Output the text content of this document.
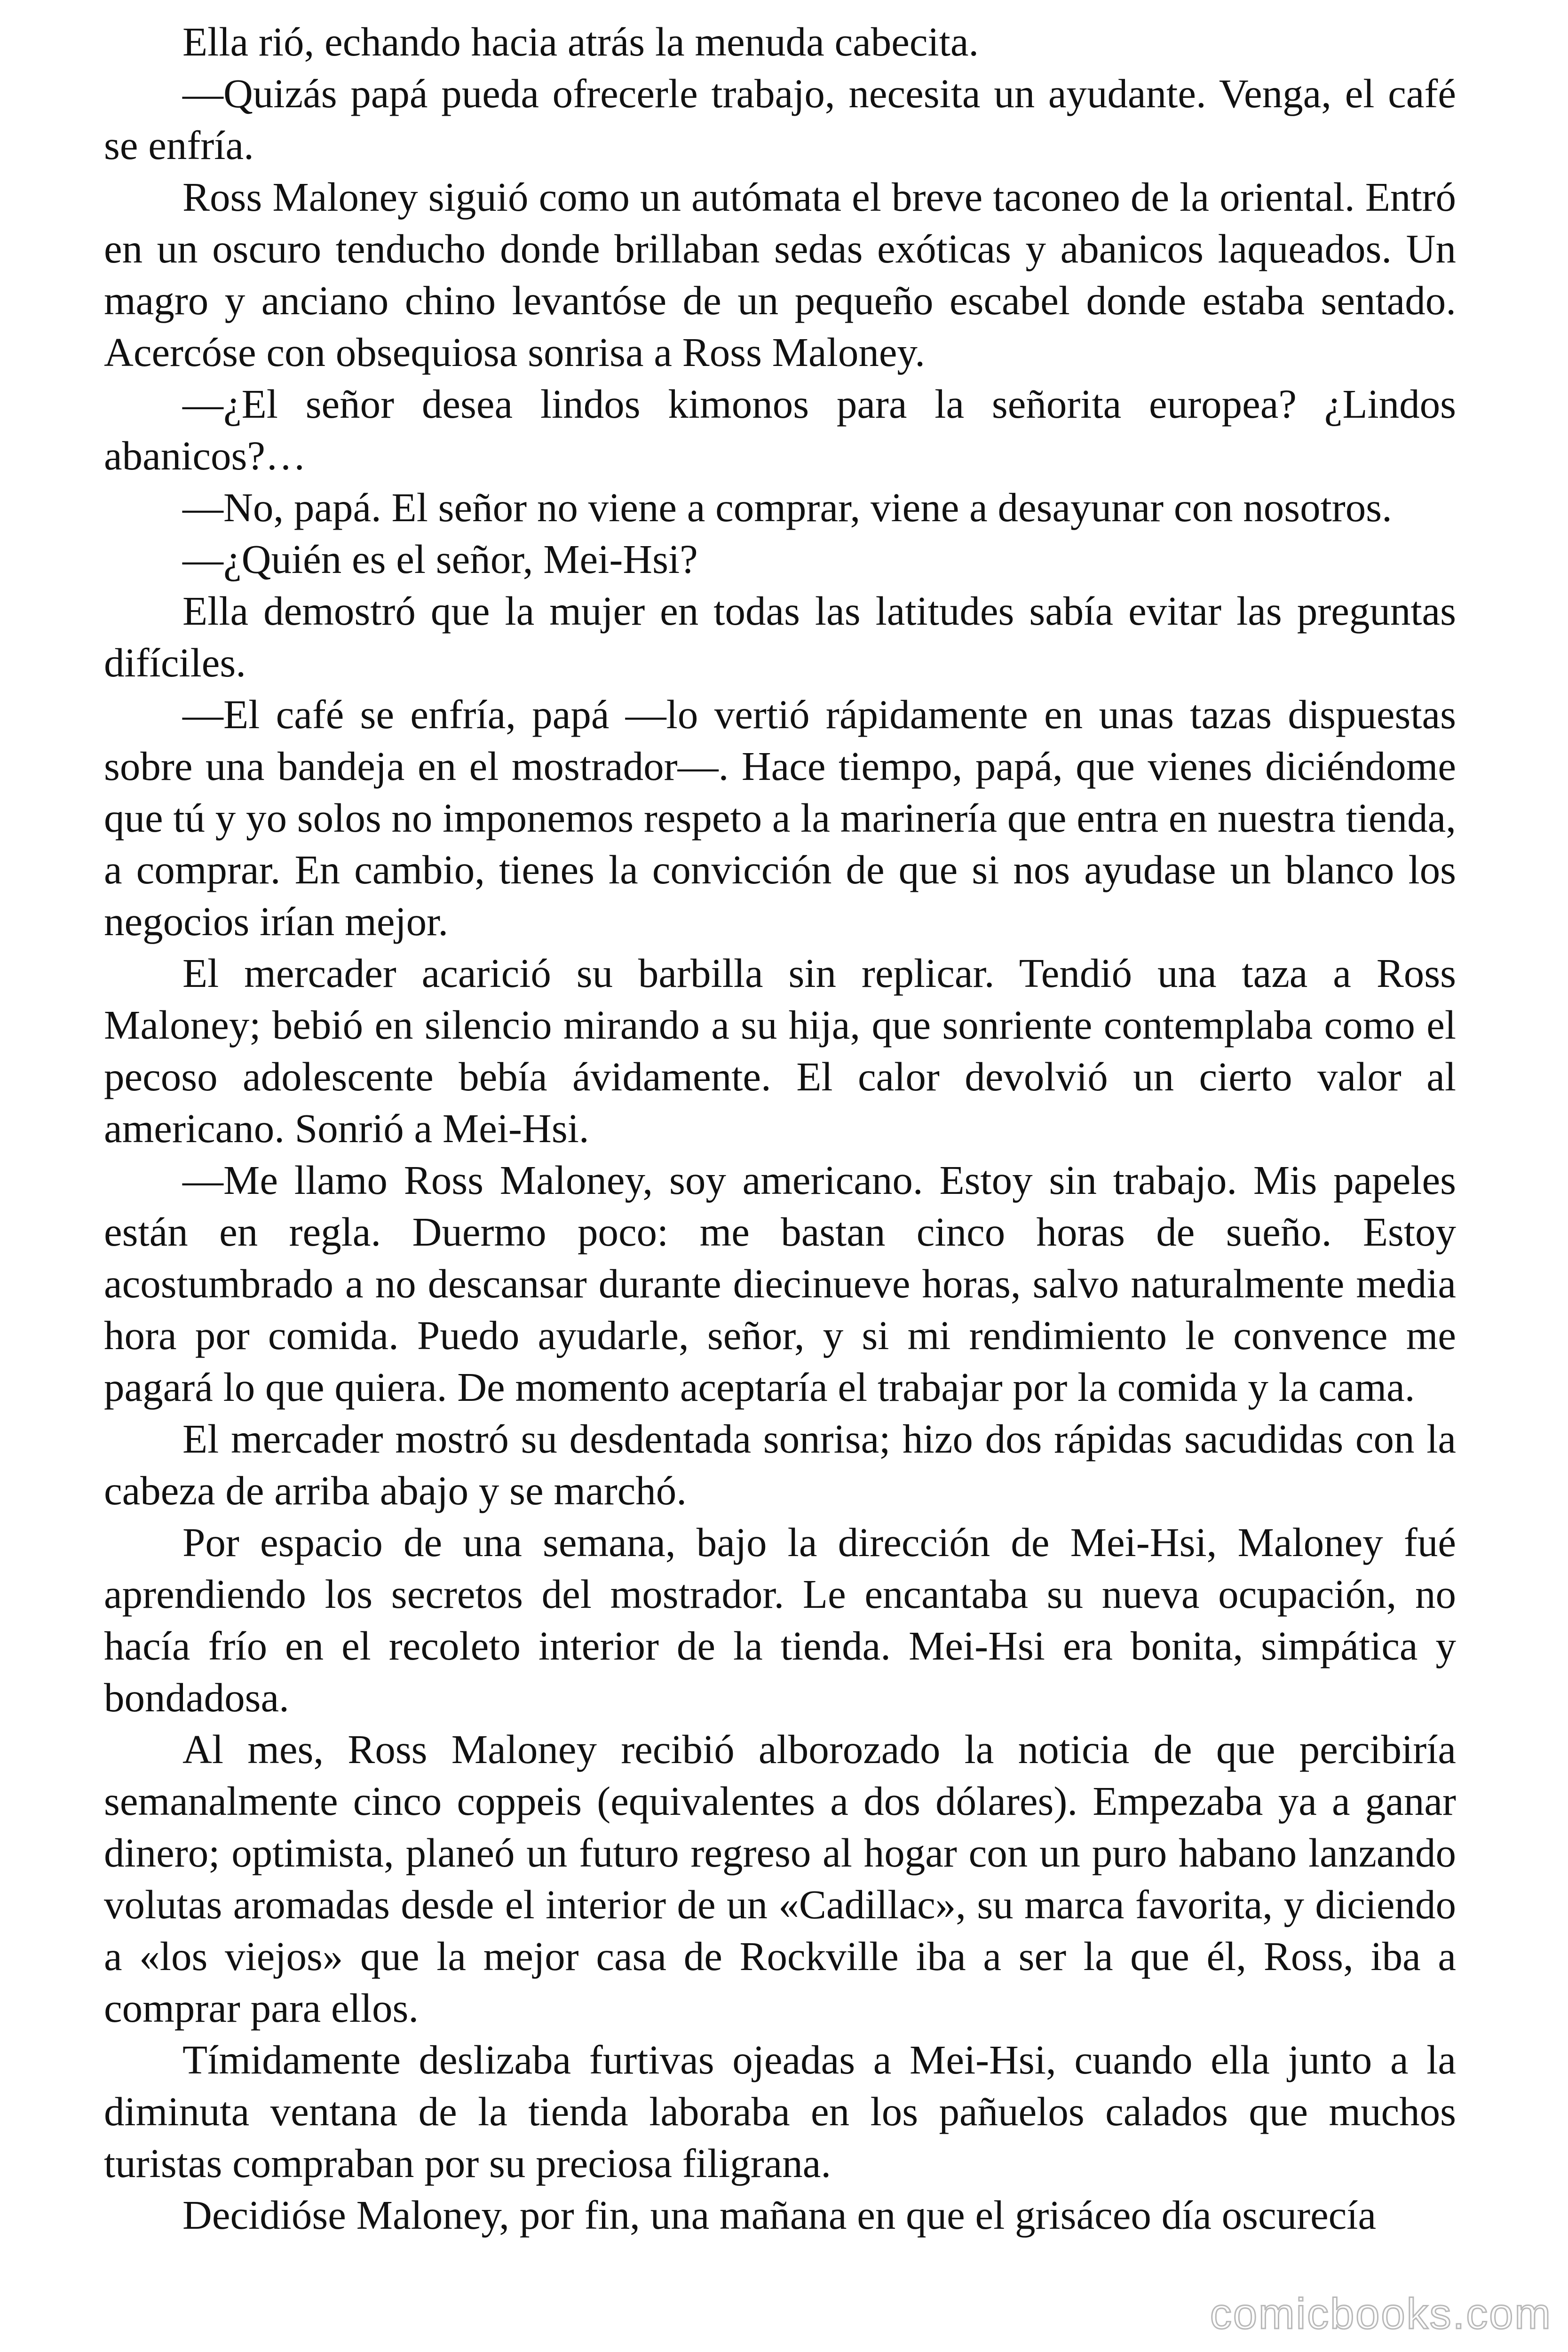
Ella rió, echando hacia atrás la menuda cabecita.

—Quizás papá pueda ofrecerle trabajo, necesita un ayudante. Venga, el café se enfría.

Ross Maloney siguió como un autómata el breve taconeo de la oriental. Entró en un oscuro tenducho donde brillaban sedas exóticas y abanicos laqueados. Un magro y anciano chino levantóse de un pequeño escabel donde estaba sentado. Acercóse con obsequiosa sonrisa a Ross Maloney.

—¿El señor desea lindos kimonos para la señorita europea? ¿Lindos abanicos?…

—No, papá. El señor no viene a comprar, viene a desayunar con nosotros.

—¿Quién es el señor, Mei-Hsi?

Ella demostró que la mujer en todas las latitudes sabía evitar las preguntas difíciles.

—El café se enfría, papá —lo vertió rápidamente en unas tazas dispuestas sobre una bandeja en el mostrador—. Hace tiempo, papá, que vienes diciéndome que tú y yo solos no imponemos respeto a la marinería que entra en nuestra tienda, a comprar. En cambio, tienes la convicción de que si nos ayudase un blanco los negocios irían mejor.

El mercader acarició su barbilla sin replicar. Tendió una taza a Ross Maloney; bebió en silencio mirando a su hija, que sonriente contemplaba como el pecoso adolescente bebía ávidamente. El calor devolvió un cierto valor al americano. Sonrió a Mei-Hsi.

—Me llamo Ross Maloney, soy americano. Estoy sin trabajo. Mis papeles están en regla. Duermo poco: me bastan cinco horas de sueño. Estoy acostumbrado a no descansar durante diecinueve horas, salvo naturalmente media hora por comida. Puedo ayudarle, señor, y si mi rendimiento le convence me pagará lo que quiera. De momento aceptaría el trabajar por la comida y la cama.

El mercader mostró su desdentada sonrisa; hizo dos rápidas sacudidas con la cabeza de arriba abajo y se marchó.

Por espacio de una semana, bajo la dirección de Mei-Hsi, Maloney fué aprendiendo los secretos del mostrador. Le encantaba su nueva ocupación, no hacía frío en el recoleto interior de la tienda. Mei-Hsi era bonita, simpática y bondadosa.

Al mes, Ross Maloney recibió alborozado la noticia de que percibiría semanalmente cinco coppeis (equivalentes a dos dólares). Empezaba ya a ganar dinero; optimista, planeó un futuro regreso al hogar con un puro habano lanzando volutas aromadas desde el interior de un «Cadillac», su marca favorita, y diciendo a «los viejos» que la mejor casa de Rockville iba a ser la que él, Ross, iba a comprar para ellos.

Tímidamente deslizaba furtivas ojeadas a Mei-Hsi, cuando ella junto a la diminuta ventana de la tienda laboraba en los pañuelos calados que muchos turistas compraban por su preciosa filigrana.

Decidióse Maloney, por fin, una mañana en que el grisáceo día oscurecía

comicbooks.com
